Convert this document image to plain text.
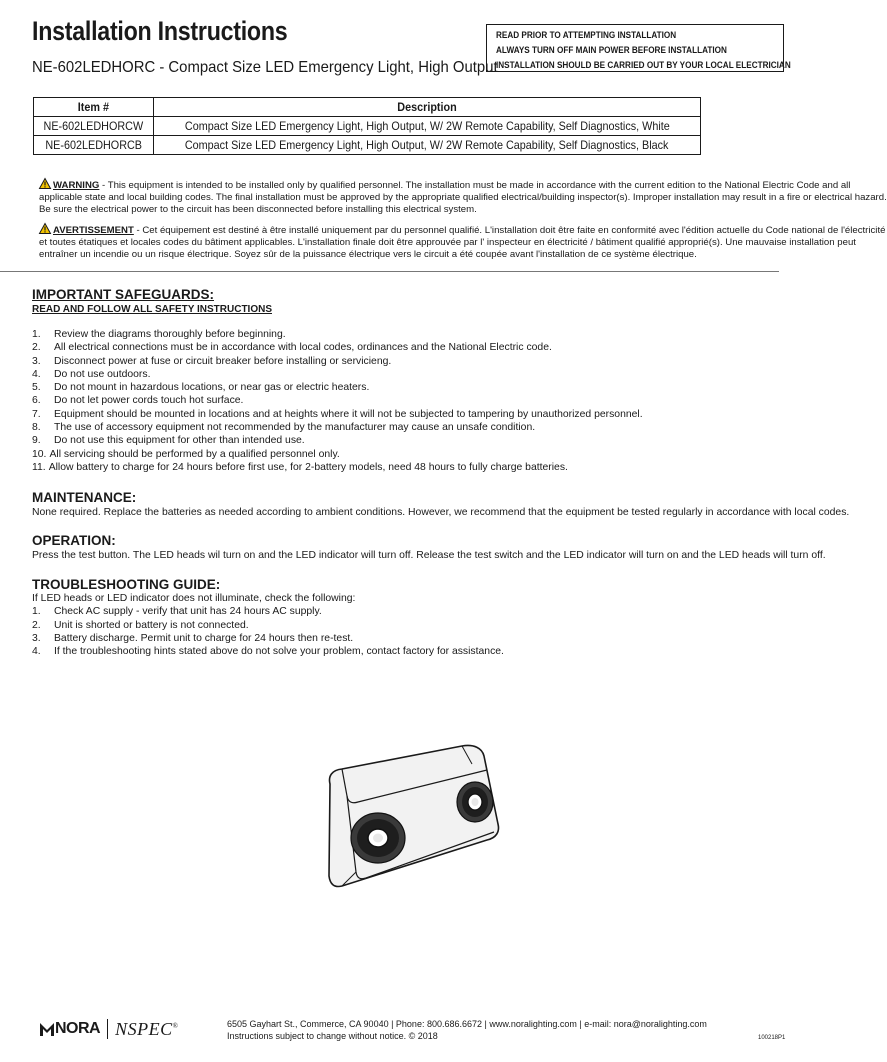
Installation Instructions
NE-602LEDHORC - Compact Size LED Emergency Light, High Output
READ PRIOR TO ATTEMPTING INSTALLATION
ALWAYS TURN OFF MAIN POWER BEFORE INSTALLATION
INSTALLATION SHOULD BE CARRIED OUT BY YOUR LOCAL ELECTRICIAN
Item #	Description
NE-602LEDHORCW	Compact Size LED Emergency Light, High Output, W/ 2W Remote Capability, Self Diagnostics, White
NE-602LEDHORCB	Compact Size LED Emergency Light, High Output, W/ 2W Remote Capability, Self Diagnostics, Black
WARNING - This equipment is intended to be installed only by qualified personnel. The installation must be made in accordance with the current edition to the National Electric Code and all
applicable state and local building codes. The final installation must be approved by the appropriate qualified electrical/building inspector(s). Improper installation may result in a fire or electrical hazard.
Be sure the electrical power to the circuit has been disconnected before installing this electrical system.
AVERTISSEMENT - Cet équipement est destiné à être installé uniquement par du personnel qualifié. L'installation doit être faite en conformité avec l'édition actuelle du Code national de l'électricité
et toutes étatiques et locales codes du bâtiment applicables. L'installation finale doit être approuvée par l' inspecteur en électricité / bâtiment qualifié approprié(s). Une mauvaise installation peut
entraîner un incendie ou un risque électrique. Soyez sûr de la puissance électrique vers le circuit a été coupée avant l'installation de ce système électrique.
IMPORTANT SAFEGUARDS:
READ AND FOLLOW ALL SAFETY INSTRUCTIONS
1.	Review the diagrams thoroughly before beginning.
2.	All electrical connections must be in accordance with local codes, ordinances and the National Electric code.
3.	Disconnect power at fuse or circuit breaker before installing or servicieng.
4.	Do not use outdoors.
5.	Do not mount in hazardous locations, or near gas or electric heaters.
6.	Do not let power cords touch hot surface.
7.	Equipment should be mounted in locations and at heights where it will not be subjected to tampering by unauthorized personnel.
8.	The use of accessory equipment not recommended by the manufacturer may cause an unsafe condition.
9.	Do not use this equipment for other than intended use.
10. All servicing should be performed by a qualified personnel only.
11. Allow battery to charge for 24 hours before first use, for 2-battery models, need 48 hours to fully charge batteries.
MAINTENANCE:
None required. Replace the batteries as needed according to ambient conditions. However, we recommend that the equipment be tested regularly in accordance with local codes.
OPERATION:
Press the test button. The LED heads wil turn on and the LED indicator will turn off. Release the test switch and the LED indicator will turn on and the LED heads will turn off.
TROUBLESHOOTING GUIDE:
If LED heads or LED indicator does not illuminate, check the following:
1.	Check AC supply - verify that unit has 24 hours AC supply.
2.	Unit is shorted or battery is not connected.
3.	Battery discharge. Permit unit to charge for 24 hours then re-test.
4.	If the troubleshooting hints stated above do not solve your problem, contact factory for assistance.
NORA NSPEC®	6505 Gayhart St., Commerce, CA 90040 | Phone: 800.686.6672 | www.noralighting.com | e-mail: nora@noralighting.com
Instructions subject to change without notice. © 2018	100218P1
